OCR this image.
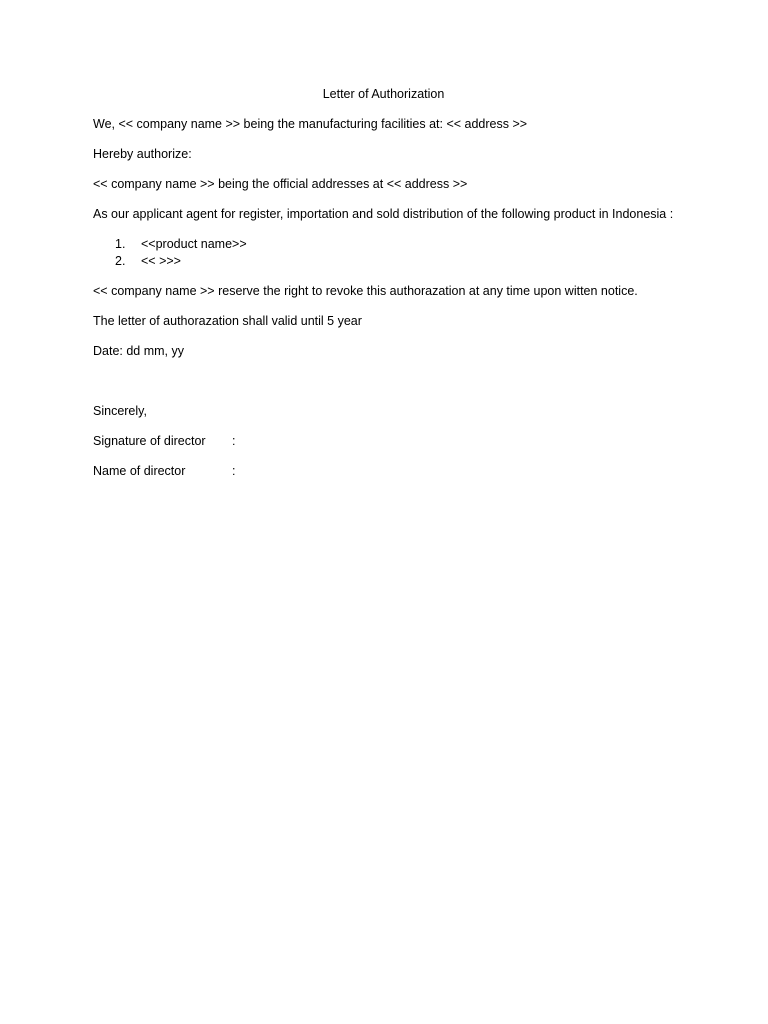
Letter of Authorization

We, << company name >> being the manufacturing facilities at: << address >>

Hereby authorize:

<< company name >> being the official addresses at << address >>

As our applicant agent for register, importation and sold distribution of the following product in Indonesia :

1.	<<product name>>
2.	<< >>>

<< company name >> reserve the right to revoke this authorazation at any time upon witten notice.

The letter of authorazation shall valid until 5 year

Date: dd mm, yy

Sincerely,

Signature of director	:
Name of director	:
